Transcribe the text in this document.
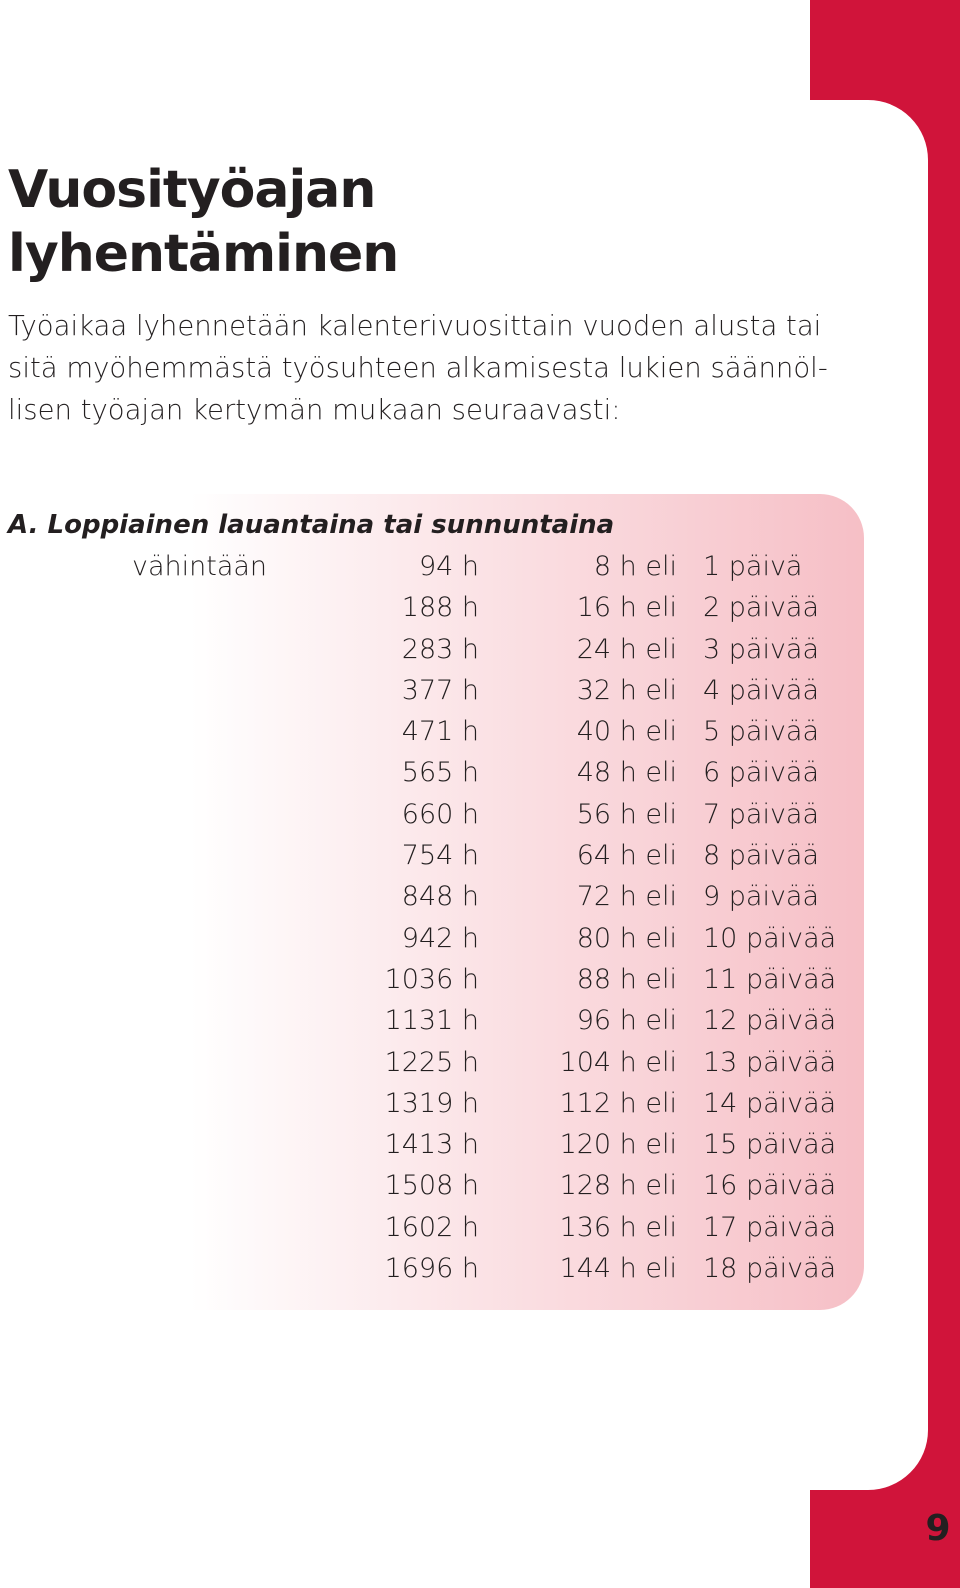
9
Vuosityöajan
lyhentäminen

Työaikaa lyhennetään kalenterivuosittain vuoden alusta tai
sitä myöhemmästä työsuhteen alkamisesta lukien säännöl-
lisen työajan kertymän mukaan seuraavasti:

A. Loppiainen lauantaina tai sunnuntaina
vähintään	94 h	8 h eli 1 päivä
188 h	16 h eli 2 päivää
283 h	24 h eli 3 päivää
377 h	32 h eli 4 päivää
471 h	40 h eli 5 päivää
565 h	48 h eli 6 päivää
660 h	56 h eli 7 päivää
754 h	64 h eli 8 päivää
848 h	72 h eli 9 päivää
942 h	80 h eli 10 päivää
1036 h	88 h eli 11 päivää
1131 h	96 h eli 12 päivää
1225 h	104 h eli 13 päivää
1319 h	112 h eli 14 päivää
1413 h	120 h eli 15 päivää
1508 h	128 h eli 16 päivää
1602 h	136 h eli 17 päivää
1696 h	144 h eli 18 päivää
